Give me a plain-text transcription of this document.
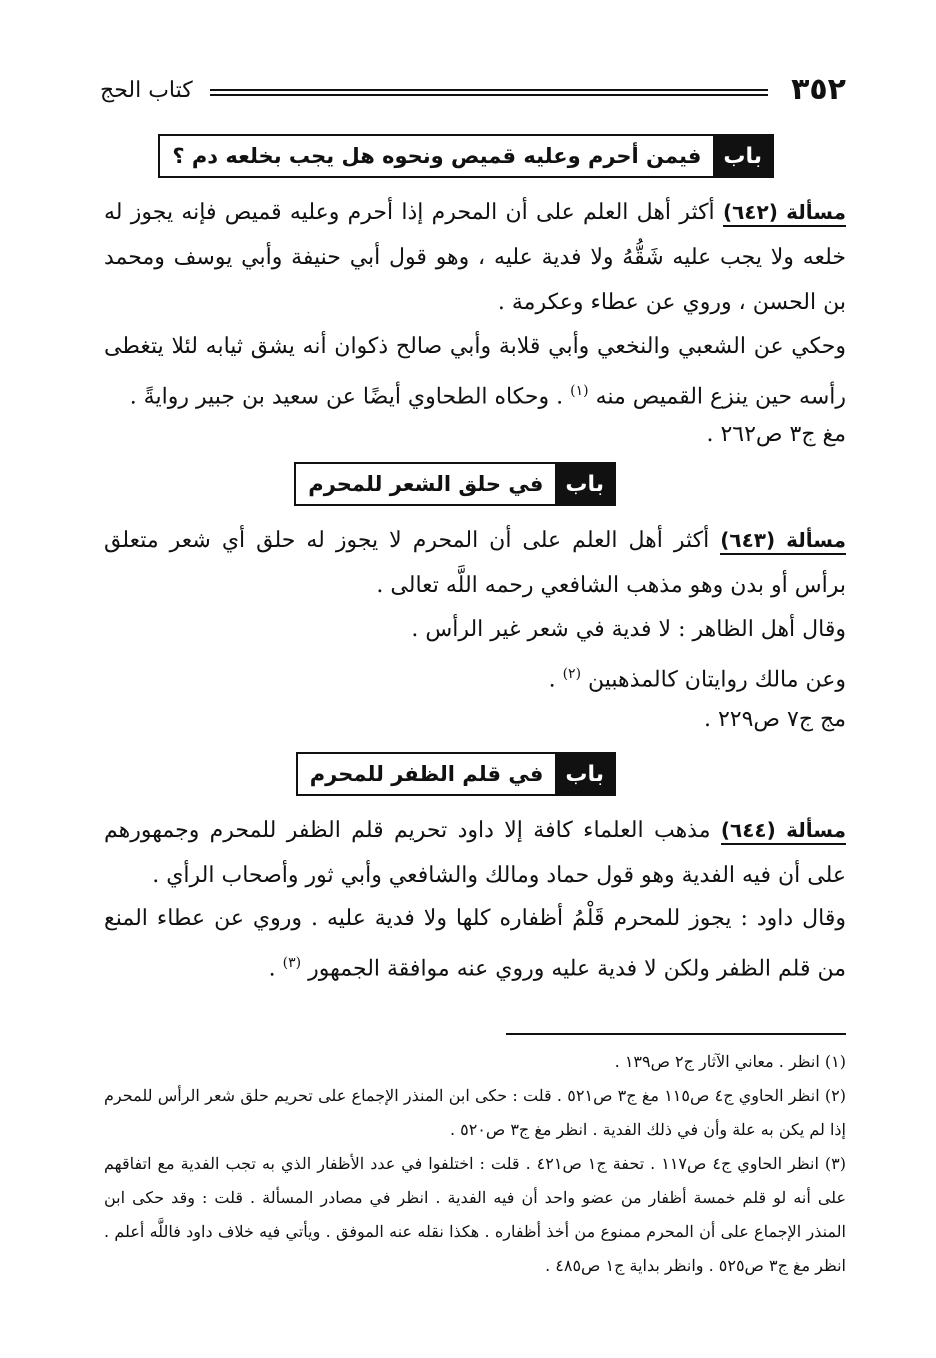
٣٥٢
كتاب الحج
باب
فيمن أحرم وعليه قميص ونحوه هل يجب بخلعه دم ؟
مسألة (٦٤٢) أكثر أهل العلم على أن المحرم إذا أحرم وعليه قميص فإنه يجوز له خلعه ولا يجب عليه شَقُّهُ ولا فدية عليه ، وهو قول أبي حنيفة وأبي يوسف ومحمد بن الحسن ، وروي عن عطاء وعكرمة .
وحكي عن الشعبي والنخعي وأبي قلابة وأبي صالح ذكوان أنه يشق ثيابه لئلا يتغطى رأسه حين ينزع القميص منه $^{(١)}$ . وحكاه الطحاوي أيضًا عن سعيد بن جبير روايةً .
مغ ج٣ ص٢٦٢ .
باب
في حلق الشعر للمحرم
مسألة (٦٤٣) أكثر أهل العلم على أن المحرم لا يجوز له حلق أي شعر متعلق برأس أو بدن وهو مذهب الشافعي رحمه اللَّه تعالى .
وقال أهل الظاهر : لا فدية في شعر غير الرأس .
وعن مالك روايتان كالمذهبين $^{(٢)}$ .
مج ج٧ ص٢٢٩ .
باب
في قلم الظفر للمحرم
مسألة (٦٤٤) مذهب العلماء كافة إلا داود تحريم قلم الظفر للمحرم وجمهورهم على أن فيه الفدية وهو قول حماد ومالك والشافعي وأبي ثور وأصحاب الرأي .
وقال داود : يجوز للمحرم قَلْمُ أظفاره كلها ولا فدية عليه . وروي عن عطاء المنع من قلم الظفر ولكن لا فدية عليه وروي عنه موافقة الجمهور $^{(٣)}$ .

(١) انظر . معاني الآثار ج٢ ص١٣٩ .

(٢) انظر الحاوي ج٤ ص١١٥ مغ ج٣ ص٥٢١ . قلت : حكى ابن المنذر الإجماع على تحريم حلق شعر الرأس للمحرم إذا لم يكن به علة وأن في ذلك الفدية . انظر مغ ج٣ ص٥٢٠ .

(٣) انظر الحاوي ج٤ ص١١٧ . تحفة ج١ ص٤٢١ . قلت : اختلفوا في عدد الأظفار الذي به تجب الفدية مع اتفاقهم على أنه لو قلم خمسة أظفار من عضو واحد أن فيه الفدية . انظر في مصادر المسألة . قلت : وقد حكى ابن المنذر الإجماع على أن المحرم ممنوع من أخذ أظفاره . هكذا نقله عنه الموفق . ويأتي فيه خلاف داود فاللَّه أعلم . انظر مغ ج٣ ص٥٢٥ . وانظر بداية ج١ ص٤٨٥ .
